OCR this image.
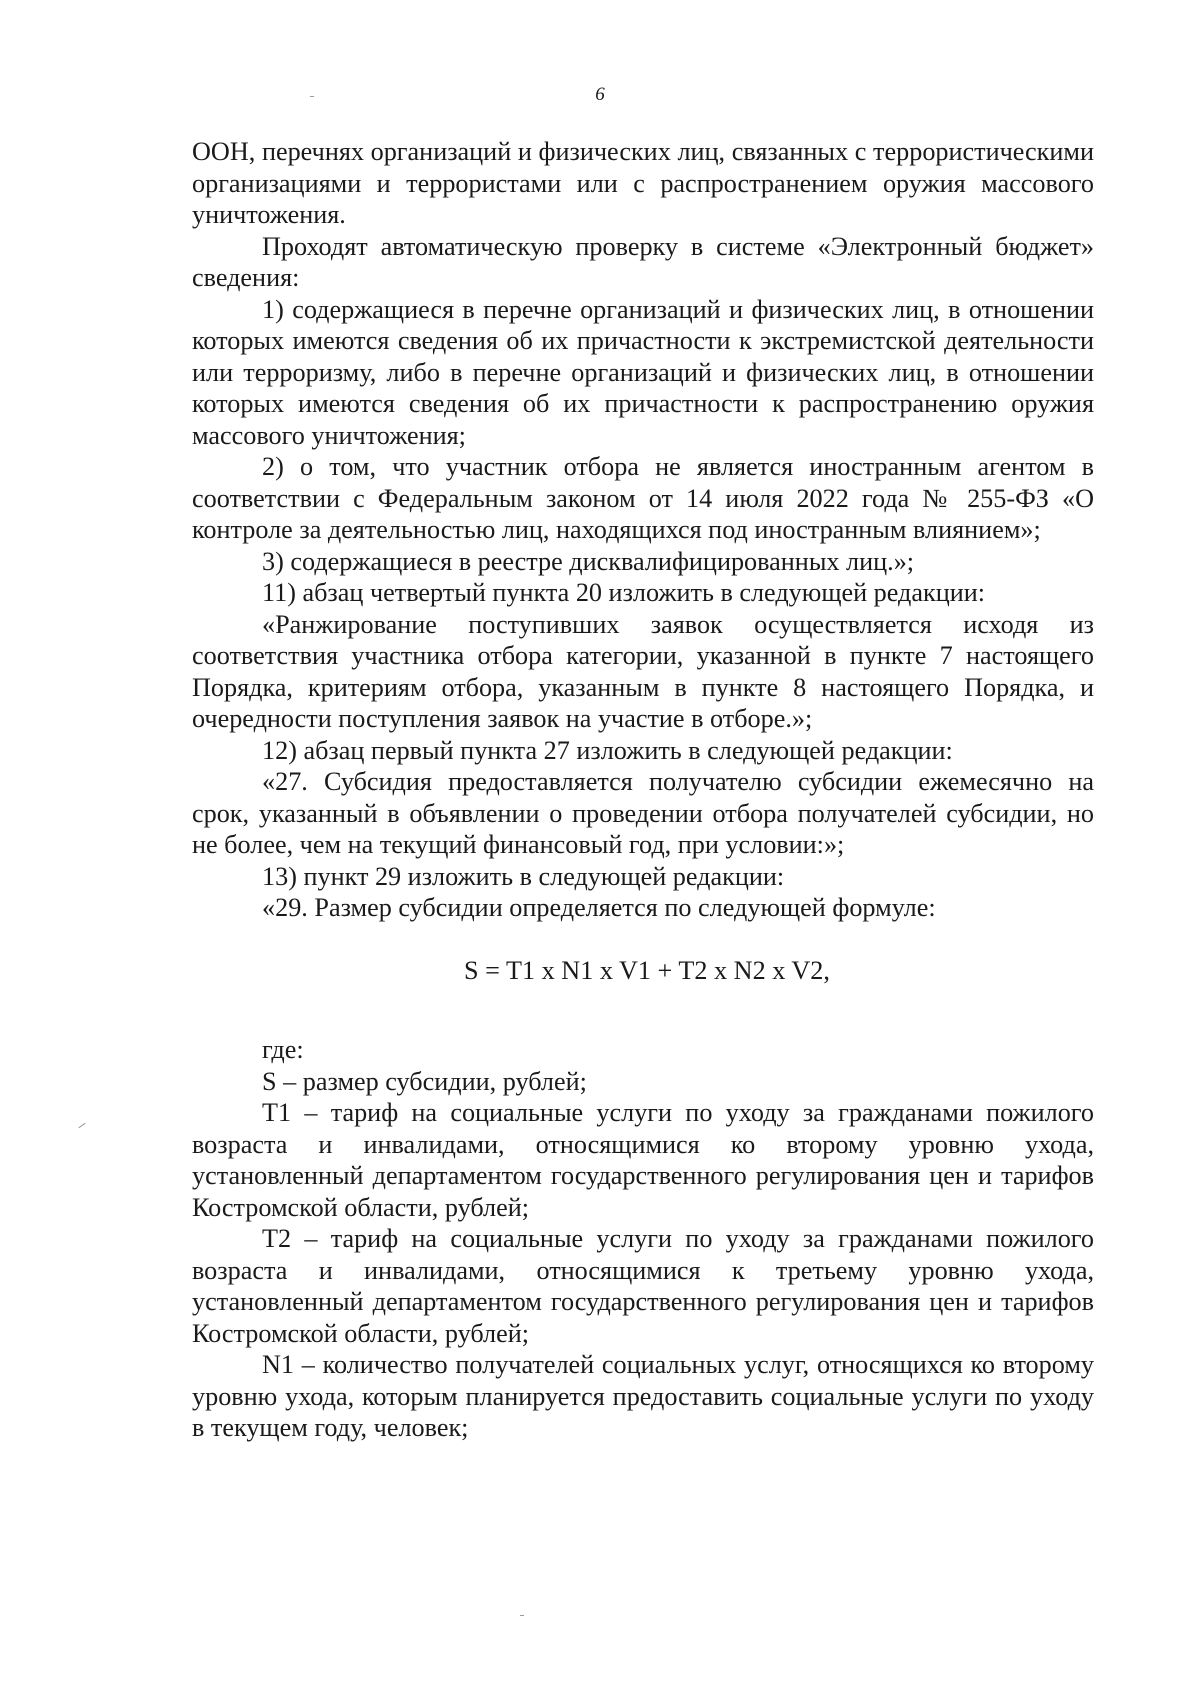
6

ООН, перечнях организаций и физических лиц, связанных с террористическими организациями и террористами или с распространением оружия массового уничтожения.

Проходят автоматическую проверку в системе «Электронный бюджет» сведения:

1) содержащиеся в перечне организаций и физических лиц, в отношении которых имеются сведения об их причастности к экстремистской деятельности или терроризму, либо в перечне организаций и физических лиц, в отношении которых имеются сведения об их причастности к распространению оружия массового уничтожения;

2) о том, что участник отбора не является иностранным агентом в соответствии с Федеральным законом от 14 июля 2022 года № 255-ФЗ «О контроле за деятельностью лиц, находящихся под иностранным влиянием»;

3) содержащиеся в реестре дисквалифицированных лиц.»;

11) абзац четвертый пункта 20 изложить в следующей редакции:

«Ранжирование поступивших заявок осуществляется исходя из соответствия участника отбора категории, указанной в пункте 7 настоящего Порядка, критериям отбора, указанным в пункте 8 настоящего Порядка, и очередности поступления заявок на участие в отборе.»;

12) абзац первый пункта 27 изложить в следующей редакции:

«27. Субсидия предоставляется получателю субсидии ежемесячно на срок, указанный в объявлении о проведении отбора получателей субсидии, но не более, чем на текущий финансовый год, при условии:»;

13) пункт 29 изложить в следующей редакции:

«29. Размер субсидии определяется по следующей формуле:

S = T1 x N1 x V1 + T2 x N2 x V2,

где:

S – размер субсидии, рублей;

T1 – тариф на социальные услуги по уходу за гражданами пожилого возраста и инвалидами, относящимися ко второму уровню ухода, установленный департаментом государственного регулирования цен и тарифов Костромской области, рублей;

T2 – тариф на социальные услуги по уходу за гражданами пожилого возраста и инвалидами, относящимися к третьему уровню ухода, установленный департаментом государственного регулирования цен и тарифов Костромской области, рублей;

N1 – количество получателей социальных услуг, относящихся ко второму уровню ухода, которым планируется предоставить социальные услуги по уходу в текущем году, человек;
